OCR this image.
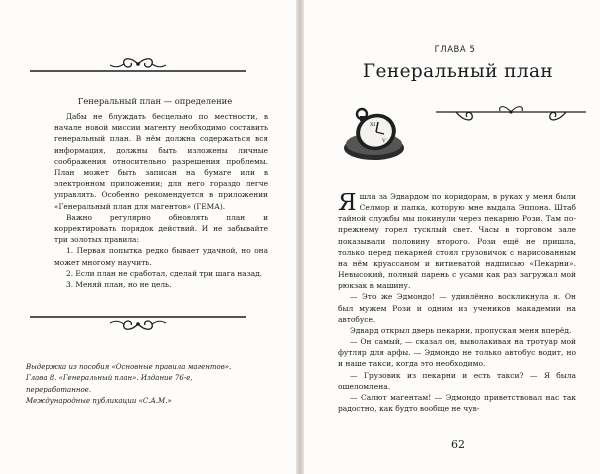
Генеральный план — определение

Дабы не блуждать бесцельно по местности, в начале новой миссии магенту необходимо составить генеральный план. В нём должна содержаться вся информация, должны быть изложены личные соображения относительно разрешения проблемы. План может быть записан на бумаге или в электронном приложении; для него гораздо легче управлять. Особенно рекомендуется в приложении «Генеральный план для магентов» (ГЕМА).

Важно регулярно обновлять план и корректировать порядок действий. И не забывайте три золотых правила:

1. Первая попытка редко бывает удачной, но она может многому научить.

2. Если план не сработал, сделай три шага назад.

3. Меняй план, но не цель.

Выдержка из пособия «Основные правила магентов».
Глава 8. «Генеральный план». Издание 76-е,
переработанное.
Международные публикации «С.А.М.»
ГЛАВА 5
Генеральный план
XI
V

Яшла за Эдвардом по коридорам, в руках у меня были Селмор и папка, которую мне выдала Эппона. Штаб тайной службы мы покинули через пекарню Рози. Там по-прежнему горел тусклый свет. Часы в торговом зале показывали половину второго. Рози ещё не пришла, только перед пекарней стоял грузовичок с нарисованным на нём круассаном и витиеватой надписью «Пекарни». Невысокий, полный парень с усами как раз загружал мой рюкзак в машину.

— Это же Эдмондо! — удивлённо воскликнула я. Он был мужем Рози и одним из учеников макадемии на автобусе.

Эдвард открыл дверь пекарни, пропуская меня вперёд.

— Он самый, — сказал он, выволакивая на тротуар мой футляр для арфы. — Эдмондо не только автобус водит, но и наше такси, когда это необходимо.

— Грузовик из пекарни и есть такси? — Я была ошеломлена.

— Салют магентам! — Эдмондо приветствовал нас так радостно, как будто вообще не чув-

62
